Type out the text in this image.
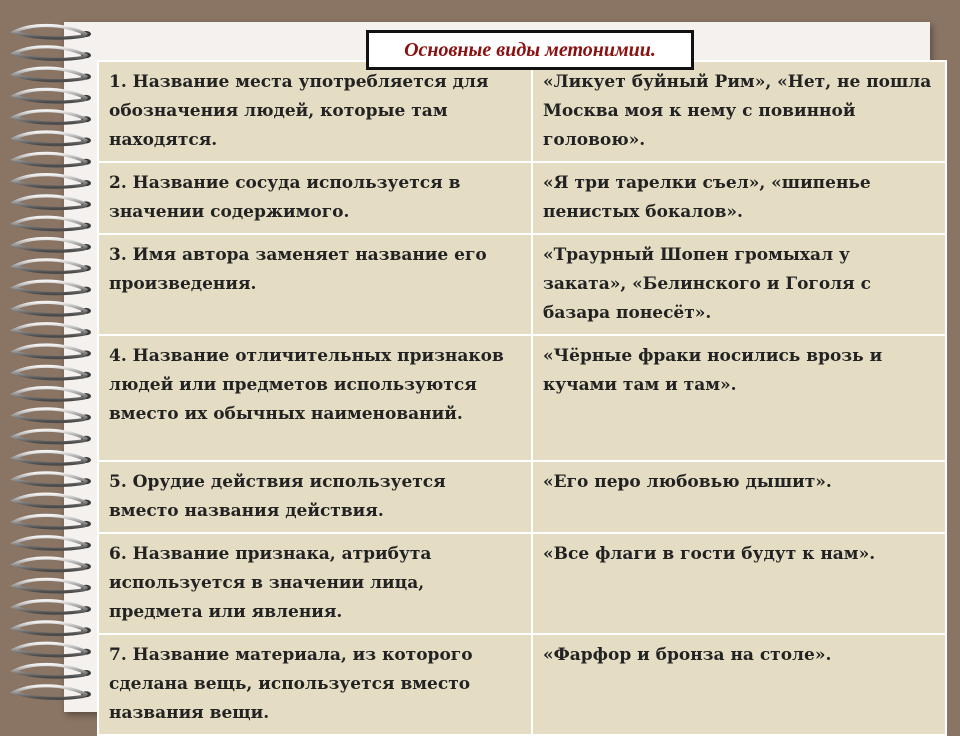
Основные виды метонимии.
1. Название места употребляется для обозначения людей, которые там находятся.	«Ликует буйный Рим», «Нет, не пошла Москва моя к нему с повинной головою».
2. Название сосуда используется в значении содержимого.	«Я три тарелки съел», «шипенье пенистых бокалов».
3. Имя автора заменяет название его произведения.	«Траурный Шопен громыхал у заката», «Белинского и Гоголя с базара понесёт».
4. Название отличительных признаков людей или предметов используются вместо их обычных наименований.	«Чёрные фраки носились врозь и кучами там и там».
5. Орудие действия используется вместо названия действия.	«Его перо любовью дышит».
6. Название признака, атрибута используется в значении лица, предмета или явления.	«Все флаги в гости будут к нам».
7. Название материала, из которого сделана вещь, используется вместо названия вещи.	«Фарфор и бронза на столе».
